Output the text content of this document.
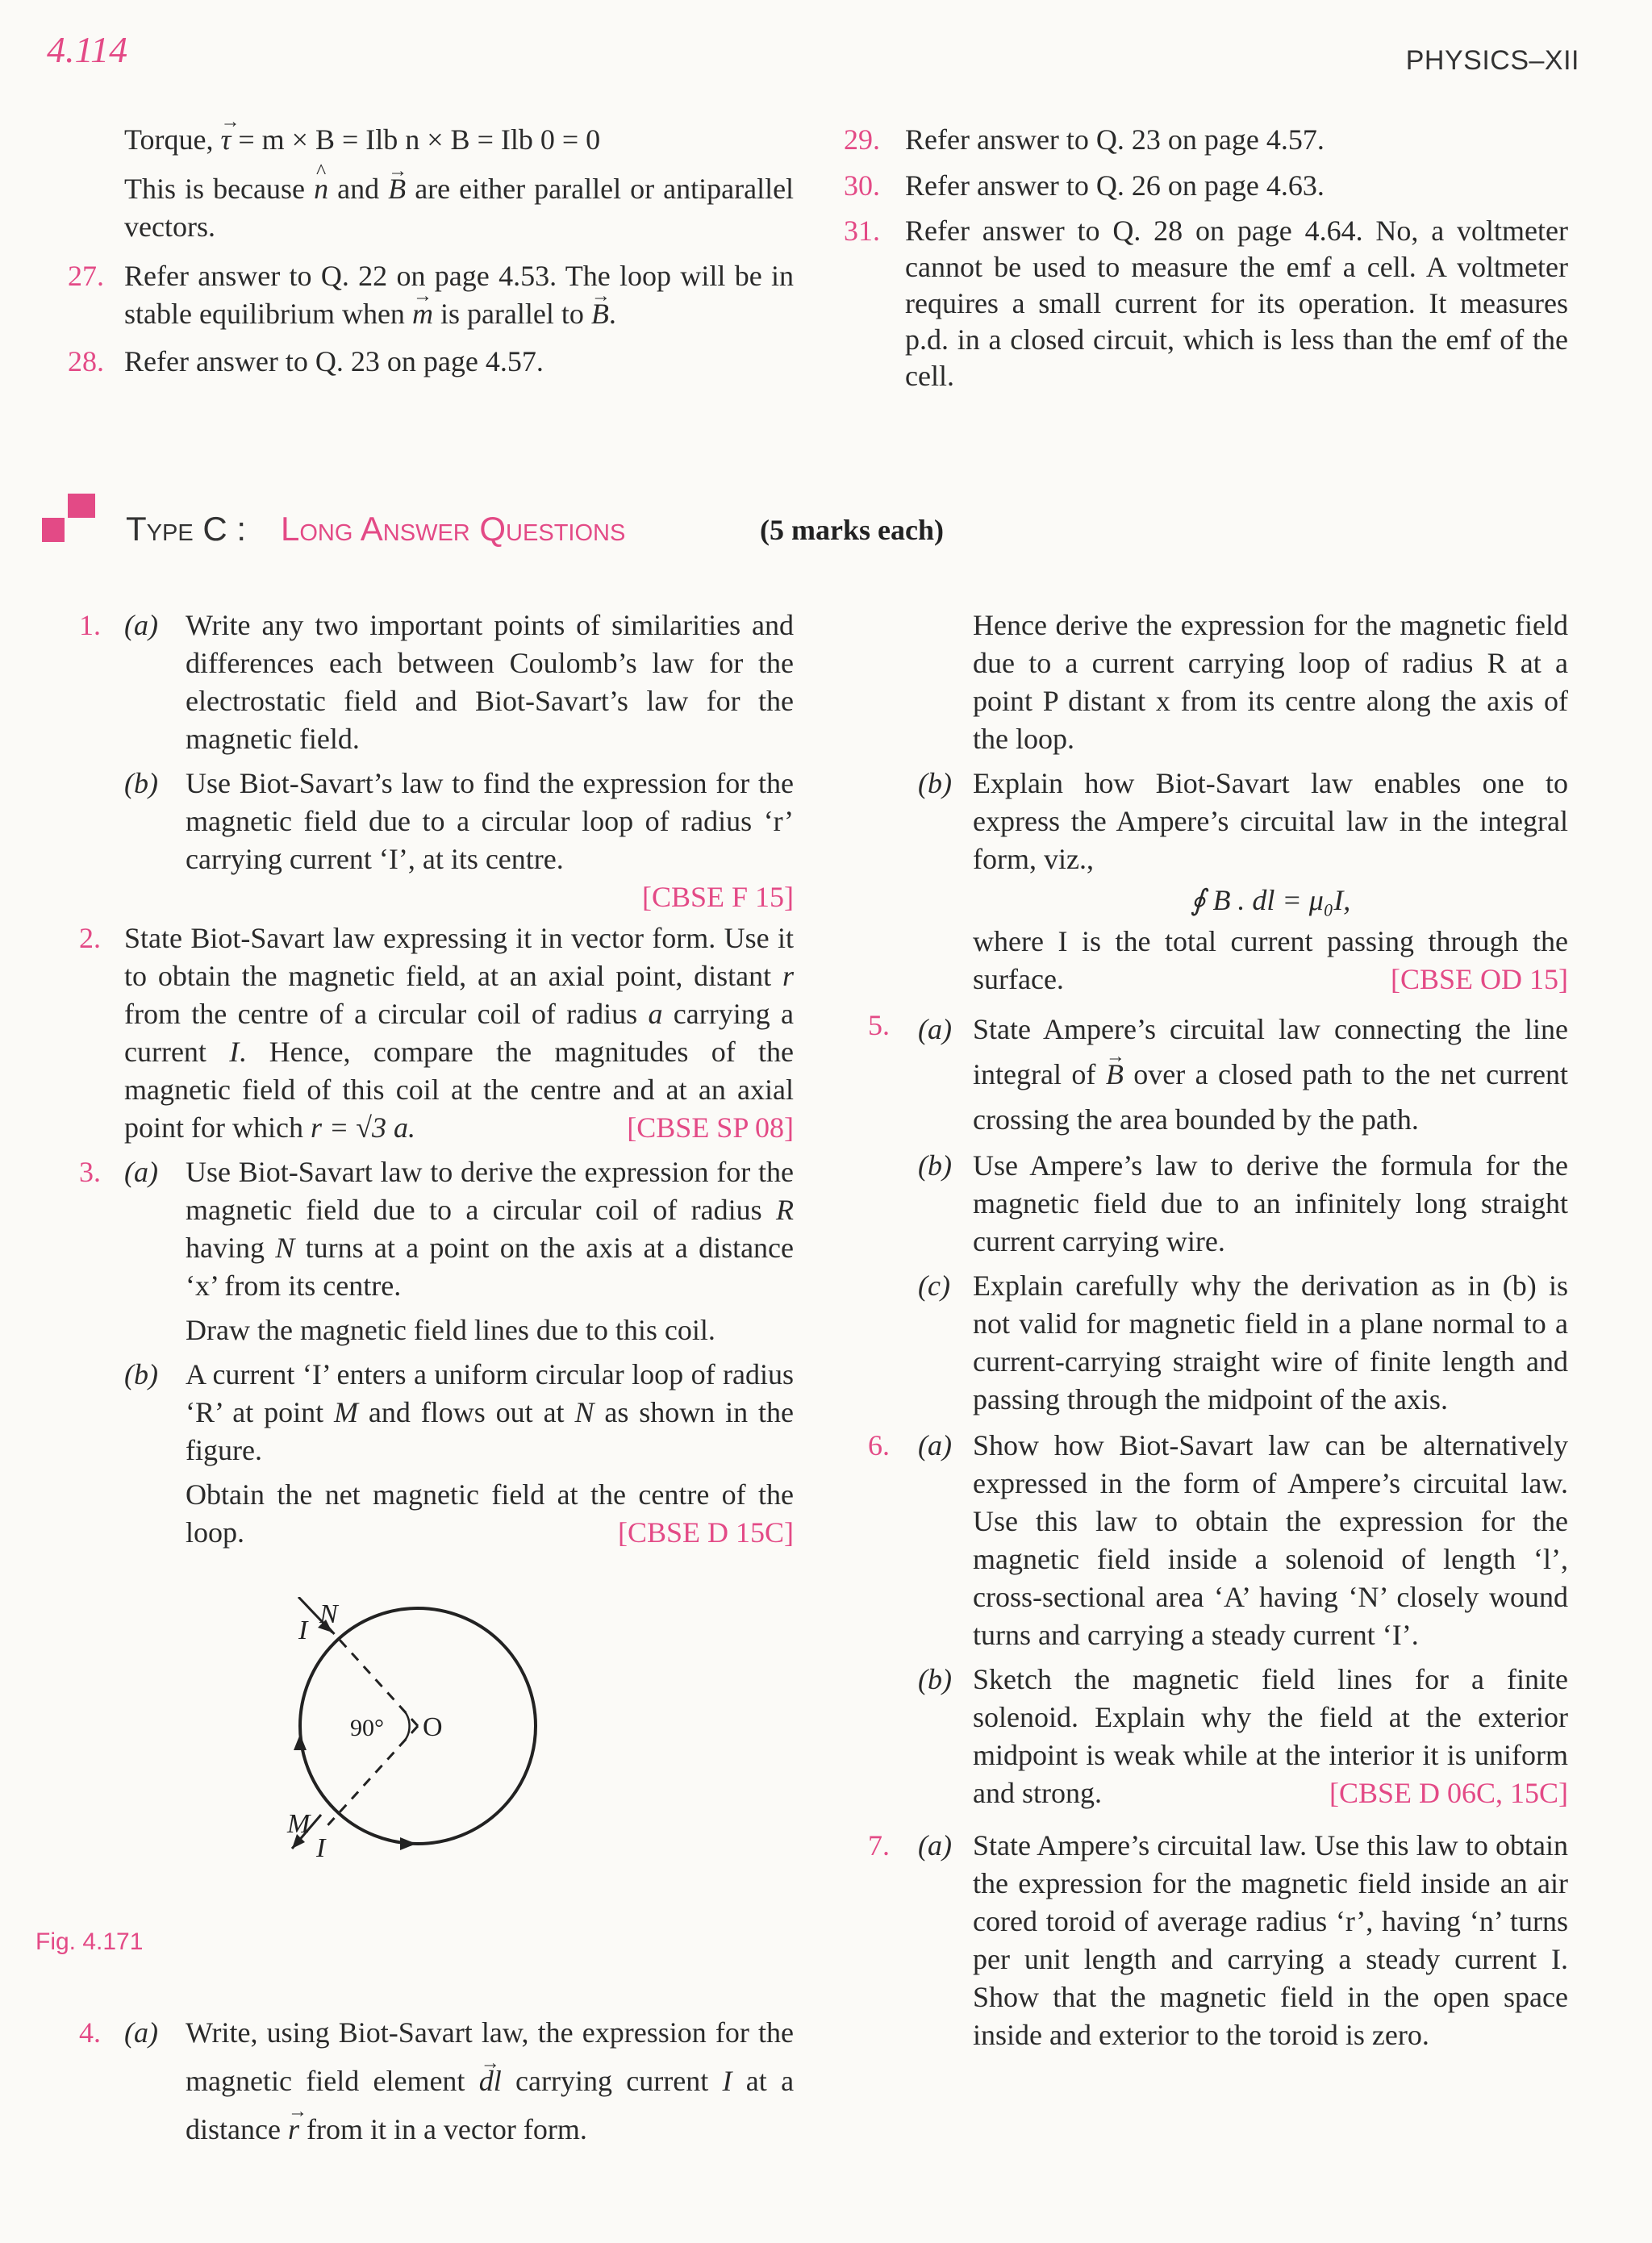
4.114	PHYSICS–XII
Torque, → τ = m × B = Ilb n × B = Ilb 0 = 0
This is because ^ n and → B are either parallel or antiparallel vectors.
27. Refer answer to Q. 22 on page 4.53. The loop will be in stable equilibrium when → m is parallel to → B.
28. Refer answer to Q. 23 on page 4.57.
29. Refer answer to Q. 23 on page 4.57.
30. Refer answer to Q. 26 on page 4.63.
31. Refer answer to Q. 28 on page 4.64. No, a voltmeter cannot be used to measure the emf a cell. A voltmeter requires a small current for its operation. It measures p.d. in a closed circuit, which is less than the emf of the cell.
Type C : Long Answer Questions	(5 marks each)
1. (a) Write any two important points of similarities and differences each between Coulomb’s law for the electrostatic field and Biot-Savart’s law for the magnetic field.
(b) Use Biot-Savart’s law to find the expression for the magnetic field due to a circular loop of radius ‘r’ carrying current ‘I’, at its centre.
[CBSE F 15]
2. State Biot-Savart law expressing it in vector form. Use it to obtain the magnetic field, at an axial point, distant r from the centre of a circular coil of radius a carrying a current I. Hence, compare the magnitudes of the magnetic field of this coil at the centre and at an axial point for which r = √3 a.	[CBSE SP 08]
3. (a) Use Biot-Savart law to derive the expression for the magnetic field due to a circular coil of radius R having N turns at a point on the axis at a distance ‘x’ from its centre.
Draw the magnetic field lines due to this coil.
(b) A current ‘I’ enters a uniform circular loop of radius ‘R’ at point M and flows out at N as shown in the figure.
Obtain the net magnetic field at the centre of the loop.	[CBSE D 15C]
N
I
O
90°
M
I
Fig. 4.171
4. (a) Write, using Biot-Savart law, the expression for the magnetic field element → dl carrying current I at a distance → r from it in a vector form.
Hence derive the expression for the magnetic field due to a current carrying loop of radius R at a point P distant x from its centre along the axis of the loop.
(b) Explain how Biot-Savart law enables one to express the Ampere’s circuital law in the integral form, viz.,
∮ B . dl = μ₀I,
where I is the total current passing through the surface.	[CBSE OD 15]
5. (a) State Ampere’s circuital law connecting the line integral of → B over a closed path to the net current crossing the area bounded by the path.
(b) Use Ampere’s law to derive the formula for the magnetic field due to an infinitely long straight current carrying wire.
(c) Explain carefully why the derivation as in (b) is not valid for magnetic field in a plane normal to a current-carrying straight wire of finite length and passing through the midpoint of the axis.
6. (a) Show how Biot-Savart law can be alternatively expressed in the form of Ampere’s circuital law. Use this law to obtain the expression for the magnetic field inside a solenoid of length ‘l’, cross-sectional area ‘A’ having ‘N’ closely wound turns and carrying a steady current ‘I’.
(b) Sketch the magnetic field lines for a finite solenoid. Explain why the field at the exterior midpoint is weak while at the interior it is uniform and strong.	[CBSE D 06C, 15C]
7. (a) State Ampere’s circuital law. Use this law to obtain the expression for the magnetic field inside an air cored toroid of average radius ‘r’, having ‘n’ turns per unit length and carrying a steady current I. Show that the magnetic field in the open space inside and exterior to the toroid is zero.
